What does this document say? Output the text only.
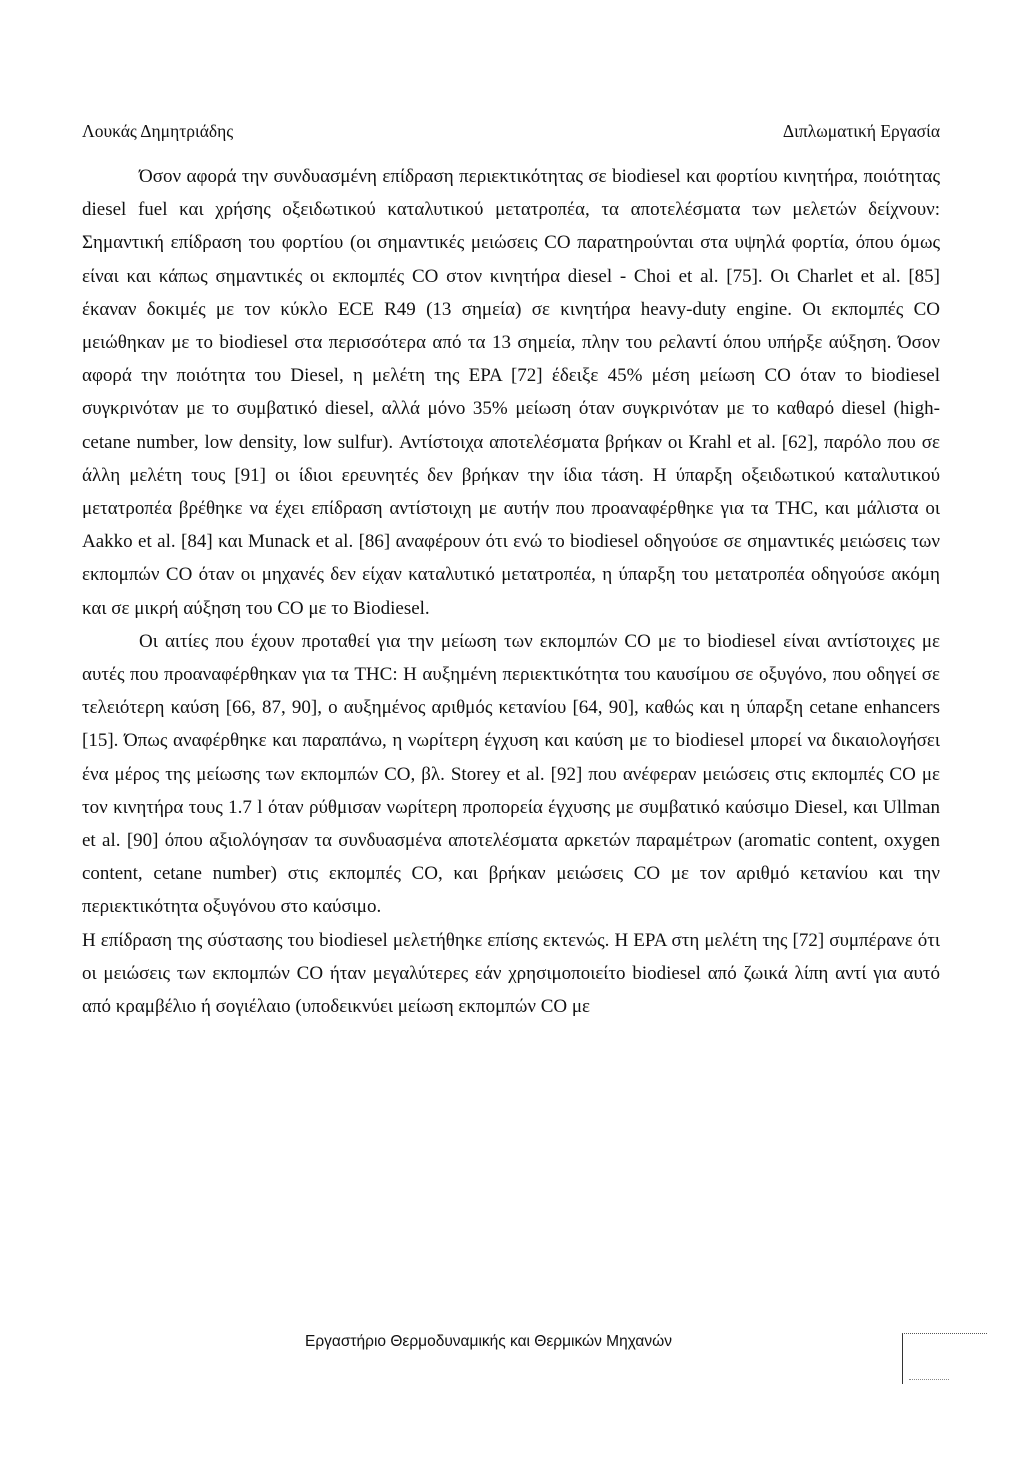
Λουκάς Δημητριάδης	Διπλωματική Εργασία

Όσον αφορά την συνδυασμένη επίδραση περιεκτικότητας σε biodiesel και φορτίου κινητήρα, ποιότητας diesel fuel και χρήσης οξειδωτικού καταλυτικού μετατροπέα, τα αποτελέσματα των μελετών δείχνουν: Σημαντική επίδραση του φορτίου (οι σημαντικές μειώσεις CO παρατηρούνται στα υψηλά φορτία, όπου όμως είναι και κάπως σημαντικές οι εκπομπές CO στον κινητήρα diesel - Choi et al. [75]. Οι Charlet et al. [85] έκαναν δοκιμές με τον κύκλο ECE R49 (13 σημεία) σε κινητήρα heavy-duty engine. Οι εκπομπές CO μειώθηκαν με το biodiesel στα περισσότερα από τα 13 σημεία, πλην του ρελαντί όπου υπήρξε αύξηση. Όσον αφορά την ποιότητα του Diesel, η μελέτη της EPA [72] έδειξε 45% μέση μείωση CO όταν το biodiesel συγκρινόταν με το συμβατικό diesel, αλλά μόνο 35% μείωση όταν συγκρινόταν με το καθαρό diesel (high-cetane number, low density, low sulfur). Αντίστοιχα αποτελέσματα βρήκαν οι Krahl et al. [62], παρόλο που σε άλλη μελέτη τους [91] οι ίδιοι ερευνητές δεν βρήκαν την ίδια τάση. Η ύπαρξη οξειδωτικού καταλυτικού μετατροπέα βρέθηκε να έχει επίδραση αντίστοιχη με αυτήν που προαναφέρθηκε για τα THC, και μάλιστα οι Aakko et al. [84] και Munack et al. [86] αναφέρουν ότι ενώ το biodiesel οδηγούσε σε σημαντικές μειώσεις των εκπομπών CO όταν οι μηχανές δεν είχαν καταλυτικό μετατροπέα, η ύπαρξη του μετατροπέα οδηγούσε ακόμη και σε μικρή αύξηση του CO με το Biodiesel.

Οι αιτίες που έχουν προταθεί για την μείωση των εκπομπών CO με το biodiesel είναι αντίστοιχες με αυτές που προαναφέρθηκαν για τα THC: Η αυξημένη περιεκτικότητα του καυσίμου σε οξυγόνο, που οδηγεί σε τελειότερη καύση [66, 87, 90], ο αυξημένος αριθμός κετανίου [64, 90], καθώς και η ύπαρξη cetane enhancers [15]. Όπως αναφέρθηκε και παραπάνω, η νωρίτερη έγχυση και καύση με το biodiesel μπορεί να δικαιολογήσει ένα μέρος της μείωσης των εκπομπών CO, βλ. Storey et al. [92] που ανέφεραν μειώσεις στις εκπομπές CO με τον κινητήρα τους 1.7 l όταν ρύθμισαν νωρίτερη προπορεία έγχυσης με συμβατικό καύσιμο Diesel, και Ullman et al. [90] όπου αξιολόγησαν τα συνδυασμένα αποτελέσματα αρκετών παραμέτρων (aromatic content, oxygen content, cetane number) στις εκπομπές CO, και βρήκαν μειώσεις CO με τον αριθμό κετανίου και την περιεκτικότητα οξυγόνου στο καύσιμο.

Η επίδραση της σύστασης του biodiesel μελετήθηκε επίσης εκτενώς. Η EPA στη μελέτη της [72] συμπέρανε ότι οι μειώσεις των εκπομπών CO ήταν μεγαλύτερες εάν χρησιμοποιείτο biodiesel από ζωικά λίπη αντί για αυτό από κραμβέλιο ή σογιέλαιο (υποδεικνύει μείωση εκπομπών CO με

Εργαστήριο Θερμοδυναμικής και Θερμικών Μηχανών
